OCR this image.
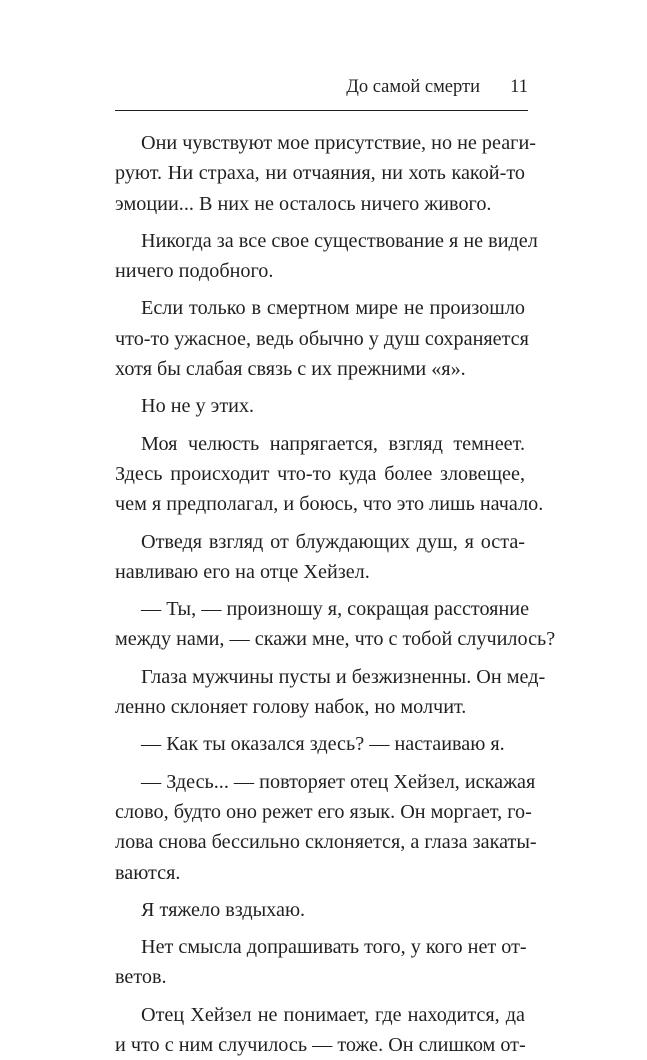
До самой смерти 11
Они чувствуют мое присутствие, но не реаги-
руют. Ни страха, ни отчаяния, ни хоть какой-то
эмоции... В них не осталось ничего живого.
Никогда за все свое существование я не видел
ничего подобного.
Если только в смертном мире не произошло
что-то ужасное, ведь обычно у душ сохраняется
хотя бы слабая связь с их прежними «я».
Но не у этих.
Моя челюсть напрягается, взгляд темнеет.
Здесь происходит что-то куда более зловещее,
чем я предполагал, и боюсь, что это лишь начало.
Отведя взгляд от блуждающих душ, я оста-
навливаю его на отце Хейзел.
— Ты, — произношу я, сокращая расстояние
между нами, — скажи мне, что с тобой случилось?
Глаза мужчины пусты и безжизненны. Он мед-
ленно склоняет голову набок, но молчит.
— Как ты оказался здесь? — настаиваю я.
— Здесь... — повторяет отец Хейзел, искажая
слово, будто оно режет его язык. Он моргает, го-
лова снова бессильно склоняется, а глаза закаты-
ваются.
Я тяжело вздыхаю.
Нет смысла допрашивать того, у кого нет от-
ветов.
Отец Хейзел не понимает, где находится, да
и что с ним случилось — тоже. Он слишком от-
